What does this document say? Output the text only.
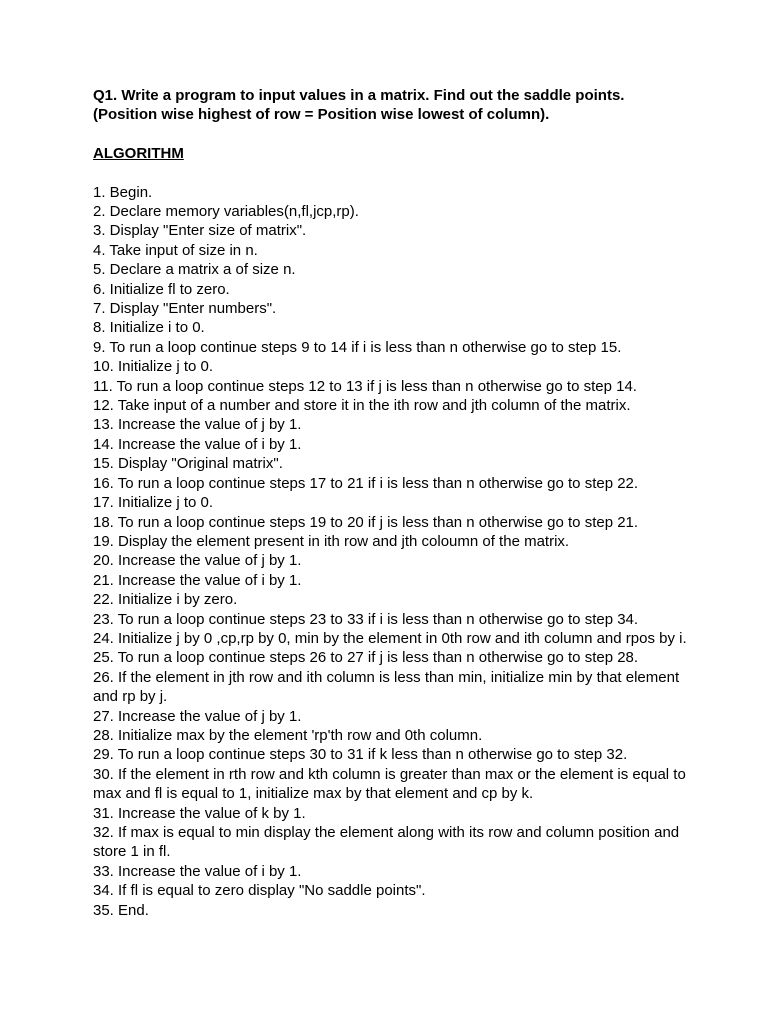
Q1. Write a program to input values in a matrix. Find out the saddle points.
(Position wise highest of row = Position wise lowest of column).

ALGORITHM

1. Begin.
2. Declare memory variables(n,fl,jcp,rp).
3. Display "Enter size of matrix".
4. Take input of size in n.
5. Declare a matrix a of size n.
6. Initialize fl to zero.
7. Display "Enter numbers".
8. Initialize i to 0.
9. To run a loop continue steps 9 to 14 if i is less than n otherwise go to step 15.
10. Initialize j to 0.
11. To run a loop continue steps 12 to 13 if j is less than n otherwise go to step 14.
12. Take input of a number and store it in the ith row and jth column of the matrix.
13. Increase the value of j by 1.
14. Increase the value of i by 1.
15. Display "Original matrix".
16. To run a loop continue steps 17 to 21 if i is less than n otherwise go to step 22.
17. Initialize j to 0.
18. To run a loop continue steps 19 to 20 if j is less than n otherwise go to step 21.
19. Display the element present in ith row and jth coloumn of the matrix.
20. Increase the value of j by 1.
21. Increase the value of i by 1.
22. Initialize i by zero.
23. To run a loop continue steps 23 to 33 if i is less than n otherwise go to step 34.
24. Initialize j by 0 ,cp,rp by 0, min by the element in 0th row and ith column and rpos by i.
25. To run a loop continue steps 26 to 27 if j is less than n otherwise go to step 28.
26. If the element in jth row and ith column is less than min, initialize min by that element and rp by j.
27. Increase the value of j by 1.
28. Initialize max by the element 'rp'th row and 0th column.
29. To run a loop continue steps 30 to 31 if k less than n otherwise go to step 32.
30. If the element in rth row and kth column is greater than max or the element is equal to max and fl is equal to 1, initialize max by that element and cp by k.
31. Increase the value of k by 1.
32. If max is equal to min display the element along with its row and column position and store 1 in fl.
33. Increase the value of i by 1.
34. If fl is equal to zero display "No saddle points".
35. End.
